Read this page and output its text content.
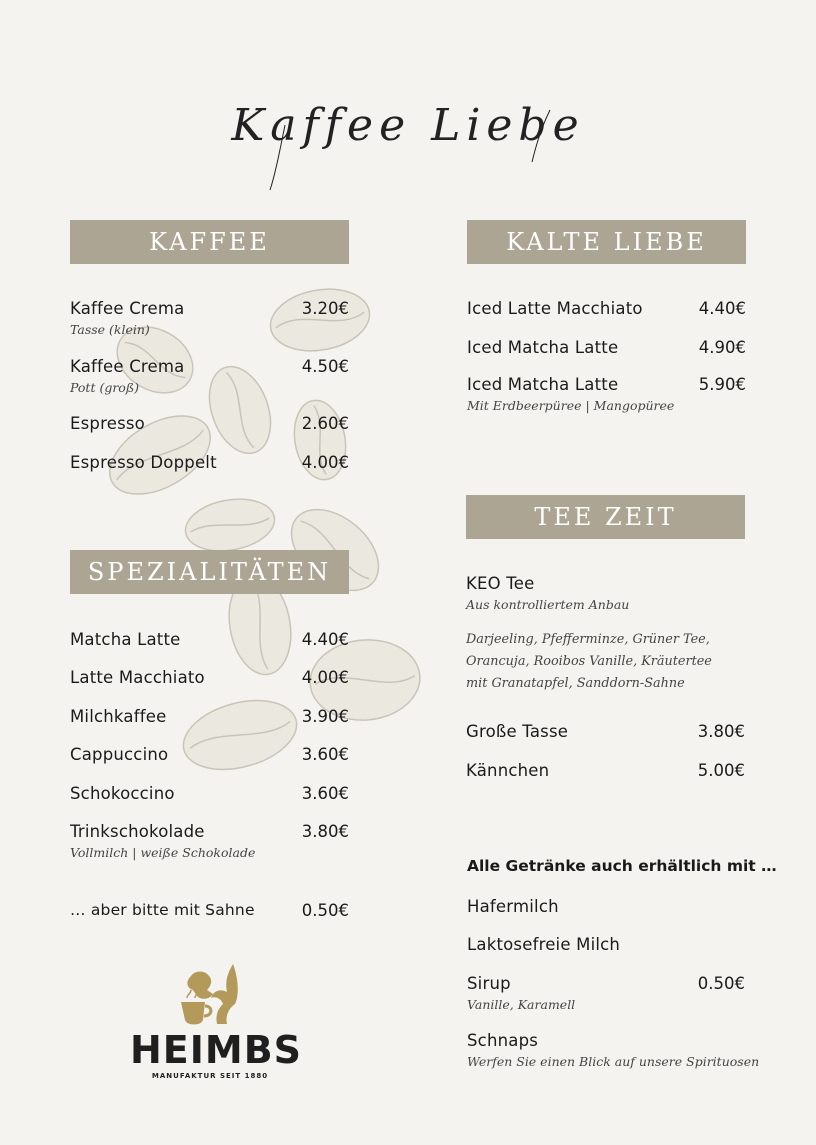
Kaffee Liebe
KAFFEE
Kaffee Crema	3.20€
Tasse (klein)
Kaffee Crema	4.50€
Pott (groß)
Espresso	2.60€
Espresso Doppelt	4.00€
SPEZIALITÄTEN
Matcha Latte	4.40€
Latte Macchiato	4.00€
Milchkaffee	3.90€
Cappuccino	3.60€
Schokoccino	3.60€
Trinkschokolade	3.80€
Vollmilch | weiße Schokolade
… aber bitte mit Sahne	0.50€
HEIMBS
MANUFAKTUR SEIT 1880
KALTE LIEBE
Iced Latte Macchiato	4.40€
Iced Matcha Latte	4.90€
Iced Matcha Latte	5.90€
Mit Erdbeerpüree | Mangopüree
TEE ZEIT
KEO Tee
Aus kontrolliertem Anbau
Darjeeling, Pfefferminze, Grüner Tee,
Orancuja, Rooibos Vanille, Kräutertee
mit Granatapfel, Sanddorn-Sahne
Große Tasse	3.80€
Kännchen	5.00€
Alle Getränke auch erhältlich mit …
Hafermilch
Laktosefreie Milch
Sirup	0.50€
Vanille, Karamell
Schnaps
Werfen Sie einen Blick auf unsere Spirituosen
